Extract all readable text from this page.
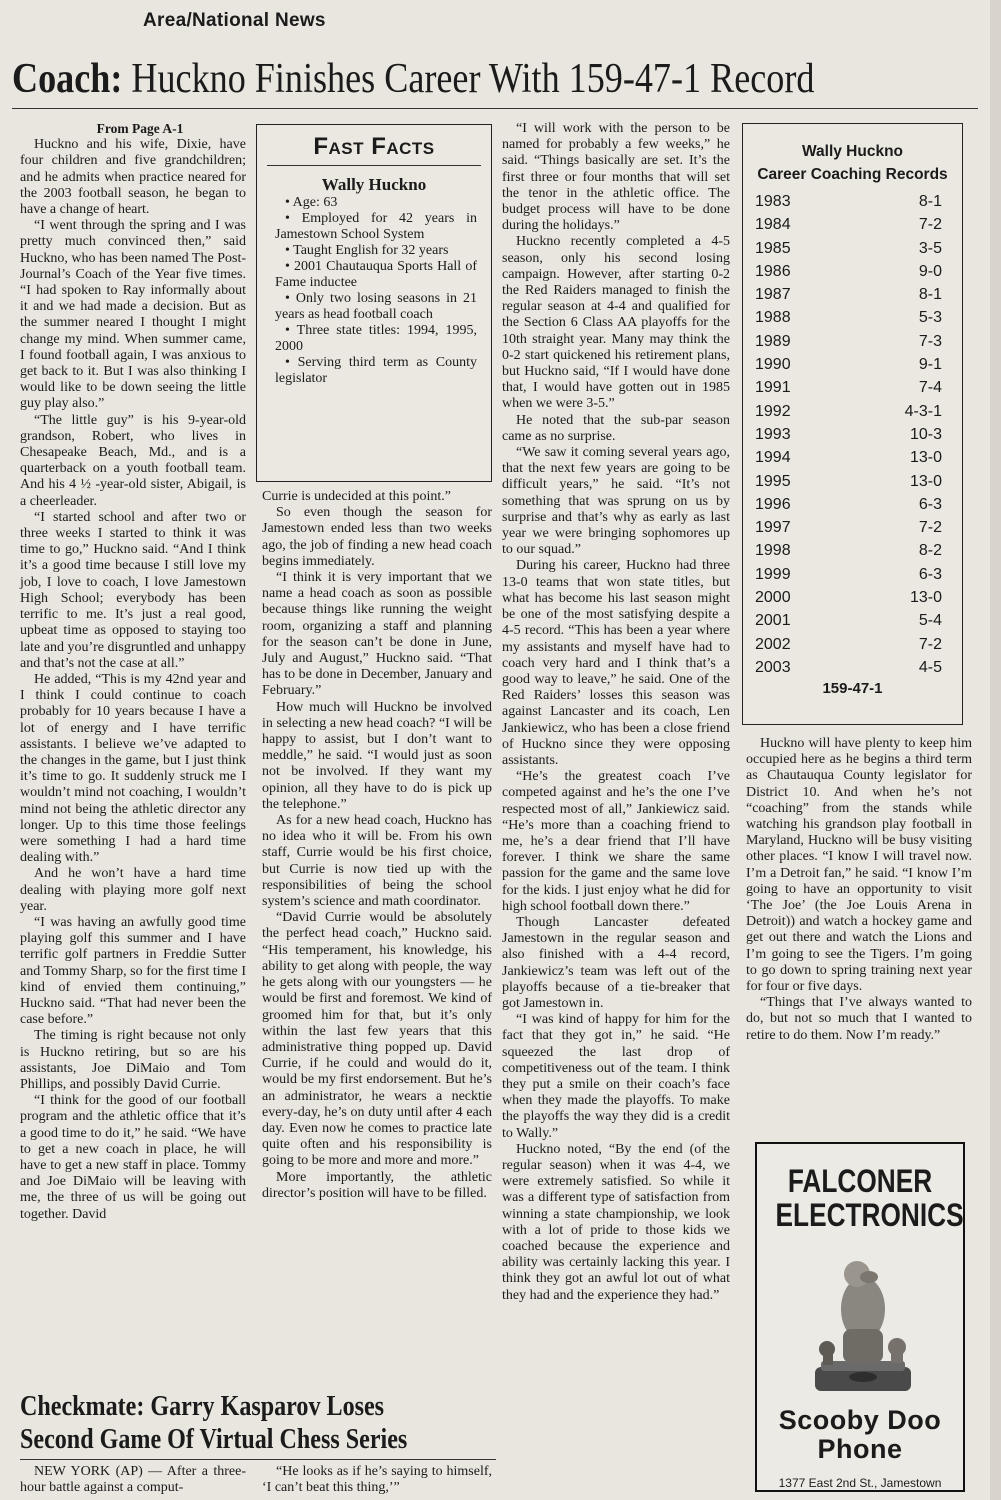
Area/National News
Coach: Huckno Finishes Career With 159-47-1 Record

From Page A-1

Huckno and his wife, Dixie, have four children and five grandchildren; and he admits when practice neared for the 2003 football season, he began to have a change of heart.

“I went through the spring and I was pretty much convinced then,” said Huckno, who has been named The Post-Journal’s Coach of the Year five times. “I had spoken to Ray informally about it and we had made a decision. But as the summer neared I thought I might change my mind. When summer came, I found football again, I was anxious to get back to it. But I was also thinking I would like to be down seeing the little guy play also.”

“The little guy” is his 9-year-old grandson, Robert, who lives in Chesapeake Beach, Md., and is a quarterback on a youth football team. And his 4 ½ -year-old sister, Abigail, is a cheerleader.

“I started school and after two or three weeks I started to think it was time to go,” Huckno said. “And I think it’s a good time because I still love my job, I love to coach, I love Jamestown High School; everybody has been terrific to me. It’s just a real good, upbeat time as opposed to staying too late and you’re disgruntled and unhappy and that’s not the case at all.”

He added, “This is my 42nd year and I think I could continue to coach probably for 10 years because I have a lot of energy and I have terrific assistants. I believe we’ve adapted to the changes in the game, but I just think it’s time to go. It suddenly struck me I wouldn’t mind not coaching, I wouldn’t mind not being the athletic director any longer. Up to this time those feelings were something I had a hard time dealing with.”

And he won’t have a hard time dealing with playing more golf next year.

“I was having an awfully good time playing golf this summer and I have terrific golf partners in Freddie Sutter and Tommy Sharp, so for the first time I kind of envied them continuing,” Huckno said. “That had never been the case before.”

The timing is right because not only is Huckno retiring, but so are his assistants, Joe DiMaio and Tom Phillips, and possibly David Currie.

“I think for the good of our football program and the athletic office that it’s a good time to do it,” he said. “We have to get a new coach in place, he will have to get a new staff in place. Tommy and Joe DiMaio will be leaving with me, the three of us will be going out together. David

Fast Facts
Wally Huckno
• Age: 63
• Employed for 42 years in Jamestown School System
• Taught English for 32 years
• 2001 Chautauqua Sports Hall of Fame inductee
• Only two losing seasons in 21 years as head football coach
• Three state titles: 1994, 1995, 2000
• Serving third term as County legislator

Currie is undecided at this point.”

So even though the season for Jamestown ended less than two weeks ago, the job of finding a new head coach begins immediately.

“I think it is very important that we name a head coach as soon as possible because things like running the weight room, organizing a staff and planning for the season can’t be done in June, July and August,” Huckno said. “That has to be done in December, January and February.”

How much will Huckno be involved in selecting a new head coach? “I will be happy to assist, but I don’t want to meddle,” he said. “I would just as soon not be involved. If they want my opinion, all they have to do is pick up the telephone.”

As for a new head coach, Huckno has no idea who it will be. From his own staff, Currie would be his first choice, but Currie is now tied up with the responsibilities of being the school system’s science and math coordinator.

“David Currie would be absolutely the perfect head coach,” Huckno said. “His temperament, his knowledge, his ability to get along with people, the way he gets along with our youngsters — he would be first and foremost. We kind of groomed him for that, but it’s only within the last few years that this administrative thing popped up. David Currie, if he could and would do it, would be my first endorsement. But he’s an administrator, he wears a necktie every-day, he’s on duty until after 4 each day. Even now he comes to practice late quite often and his responsibility is going to be more and more and more.”

More importantly, the athletic director’s position will have to be filled.

“I will work with the person to be named for probably a few weeks,” he said. “Things basically are set. It’s the first three or four months that will set the tenor in the athletic office. The budget process will have to be done during the holidays.”

Huckno recently completed a 4-5 season, only his second losing campaign. However, after starting 0-2 the Red Raiders managed to finish the regular season at 4-4 and qualified for the Section 6 Class AA playoffs for the 10th straight year. Many may think the 0-2 start quickened his retirement plans, but Huckno said, “If I would have done that, I would have gotten out in 1985 when we were 3-5.”

He noted that the sub-par season came as no surprise.

“We saw it coming several years ago, that the next few years are going to be difficult years,” he said. “It’s not something that was sprung on us by surprise and that’s why as early as last year we were bringing sophomores up to our squad.”

During his career, Huckno had three 13-0 teams that won state titles, but what has become his last season might be one of the most satisfying despite a 4-5 record. “This has been a year where my assistants and myself have had to coach very hard and I think that’s a good way to leave,” he said. One of the Red Raiders’ losses this season was against Lancaster and its coach, Len Jankiewicz, who has been a close friend of Huckno since they were opposing assistants.

“He’s the greatest coach I’ve competed against and he’s the one I’ve respected most of all,” Jankiewicz said. “He’s more than a coaching friend to me, he’s a dear friend that I’ll have forever. I think we share the same passion for the game and the same love for the kids. I just enjoy what he did for high school football down there.”

Though Lancaster defeated Jamestown in the regular season and also finished with a 4-4 record, Jankiewicz’s team was left out of the playoffs because of a tie-breaker that got Jamestown in.

“I was kind of happy for him for the fact that they got in,” he said. “He squeezed the last drop of competitiveness out of the team. I think they put a smile on their coach’s face when they made the playoffs. To make the playoffs the way they did is a credit to Wally.”

Huckno noted, “By the end (of the regular season) when it was 4-4, we were extremely satisfied. So while it was a different type of satisfaction from winning a state championship, we look with a lot of pride to those kids we coached because the experience and ability was certainly lacking this year. I think they got an awful lot out of what they had and the experience they had.”

Wally Huckno
Career Coaching Records
1983	8-1
1984	7-2
1985	3-5
1986	9-0
1987	8-1
1988	5-3
1989	7-3
1990	9-1
1991	7-4
1992	4-3-1
1993	10-3
1994	13-0
1995	13-0
1996	6-3
1997	7-2
1998	8-2
1999	6-3
2000	13-0
2001	5-4
2002	7-2
2003	4-5
159-47-1

Huckno will have plenty to keep him occupied here as he begins a third term as Chautauqua County legislator for District 10. And when he’s not “coaching” from the stands while watching his grandson play football in Maryland, Huckno will be busy visiting other places. “I know I will travel now. I’m a Detroit fan,” he said. “I know I’m going to have an opportunity to visit ‘The Joe’ (the Joe Louis Arena in Detroit)) and watch a hockey game and get out there and watch the Lions and I’m going to see the Tigers. I’m going to go down to spring training next year for four or five days.

“Things that I’ve always wanted to do, but not so much that I wanted to retire to do them. Now I’m ready.”

Checkmate: Garry Kasparov Loses
Second Game Of Virtual Chess Series

NEW YORK (AP) — After a three-hour battle against a comput-

“He looks as if he’s saying to himself, ‘I can’t beat this thing,’”

FALCONER
ELECTRONICS
Scooby Doo
Phone
1377 East 2nd St., Jamestown
